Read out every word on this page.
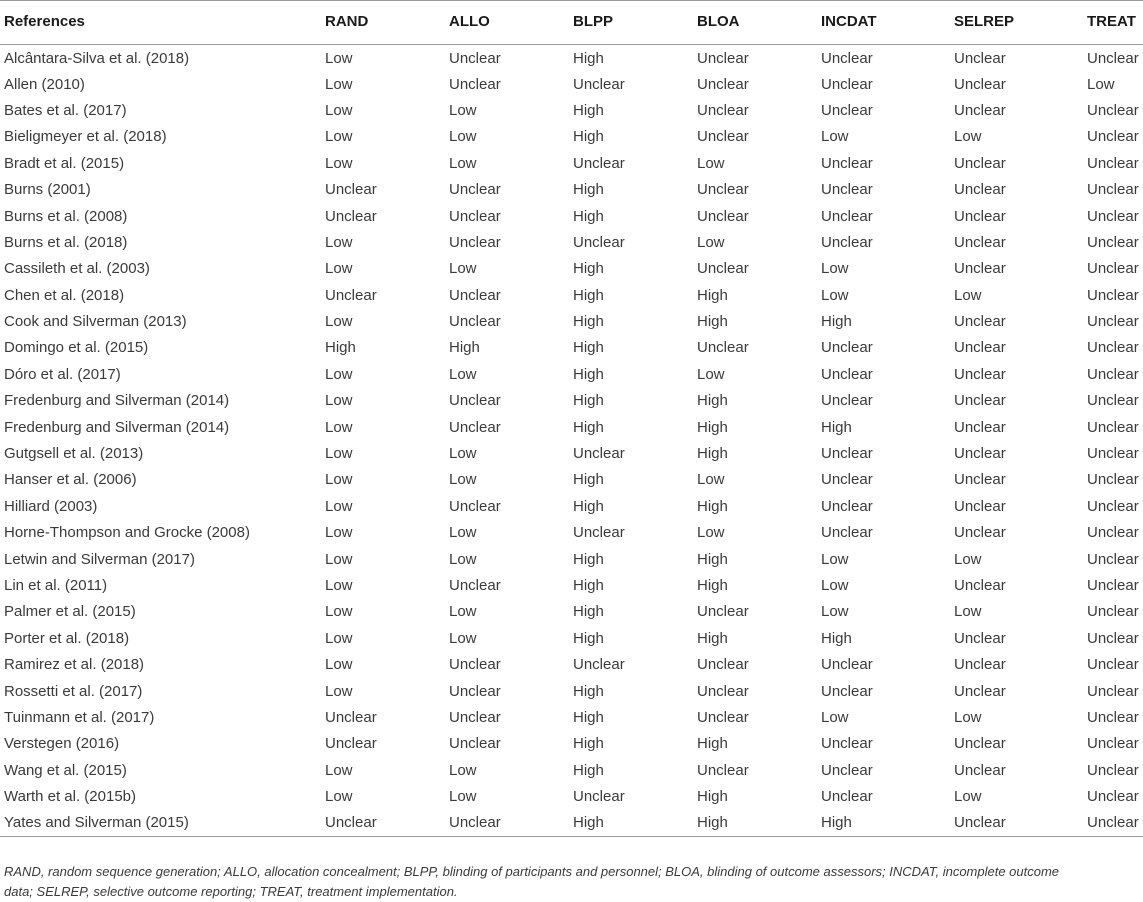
References	RAND	ALLO	BLPP	BLOA	INCDAT	SELREP	TREAT
Alcântara-Silva et al. (2018)	Low	Unclear	High	Unclear	Unclear	Unclear	Unclear
Allen (2010)	Low	Unclear	Unclear	Unclear	Unclear	Unclear	Low
Bates et al. (2017)	Low	Low	High	Unclear	Unclear	Unclear	Unclear
Bieligmeyer et al. (2018)	Low	Low	High	Unclear	Low	Low	Unclear
Bradt et al. (2015)	Low	Low	Unclear	Low	Unclear	Unclear	Unclear
Burns (2001)	Unclear	Unclear	High	Unclear	Unclear	Unclear	Unclear
Burns et al. (2008)	Unclear	Unclear	High	Unclear	Unclear	Unclear	Unclear
Burns et al. (2018)	Low	Unclear	Unclear	Low	Unclear	Unclear	Unclear
Cassileth et al. (2003)	Low	Low	High	Unclear	Low	Unclear	Unclear
Chen et al. (2018)	Unclear	Unclear	High	High	Low	Low	Unclear
Cook and Silverman (2013)	Low	Unclear	High	High	High	Unclear	Unclear
Domingo et al. (2015)	High	High	High	Unclear	Unclear	Unclear	Unclear
Dóro et al. (2017)	Low	Low	High	Low	Unclear	Unclear	Unclear
Fredenburg and Silverman (2014)	Low	Unclear	High	High	Unclear	Unclear	Unclear
Fredenburg and Silverman (2014)	Low	Unclear	High	High	High	Unclear	Unclear
Gutgsell et al. (2013)	Low	Low	Unclear	High	Unclear	Unclear	Unclear
Hanser et al. (2006)	Low	Low	High	Low	Unclear	Unclear	Unclear
Hilliard (2003)	Low	Unclear	High	High	Unclear	Unclear	Unclear
Horne-Thompson and Grocke (2008)	Low	Low	Unclear	Low	Unclear	Unclear	Unclear
Letwin and Silverman (2017)	Low	Low	High	High	Low	Low	Unclear
Lin et al. (2011)	Low	Unclear	High	High	Low	Unclear	Unclear
Palmer et al. (2015)	Low	Low	High	Unclear	Low	Low	Unclear
Porter et al. (2018)	Low	Low	High	High	High	Unclear	Unclear
Ramirez et al. (2018)	Low	Unclear	Unclear	Unclear	Unclear	Unclear	Unclear
Rossetti et al. (2017)	Low	Unclear	High	Unclear	Unclear	Unclear	Unclear
Tuinmann et al. (2017)	Unclear	Unclear	High	Unclear	Low	Low	Unclear
Verstegen (2016)	Unclear	Unclear	High	High	Unclear	Unclear	Unclear
Wang et al. (2015)	Low	Low	High	Unclear	Unclear	Unclear	Unclear
Warth et al. (2015b)	Low	Low	Unclear	High	Unclear	Low	Unclear
Yates and Silverman (2015)	Unclear	Unclear	High	High	High	Unclear	Unclear
RAND, random sequence generation; ALLO, allocation concealment; BLPP, blinding of participants and personnel; BLOA, blinding of outcome assessors; INCDAT, incomplete outcome
data; SELREP, selective outcome reporting; TREAT, treatment implementation.
